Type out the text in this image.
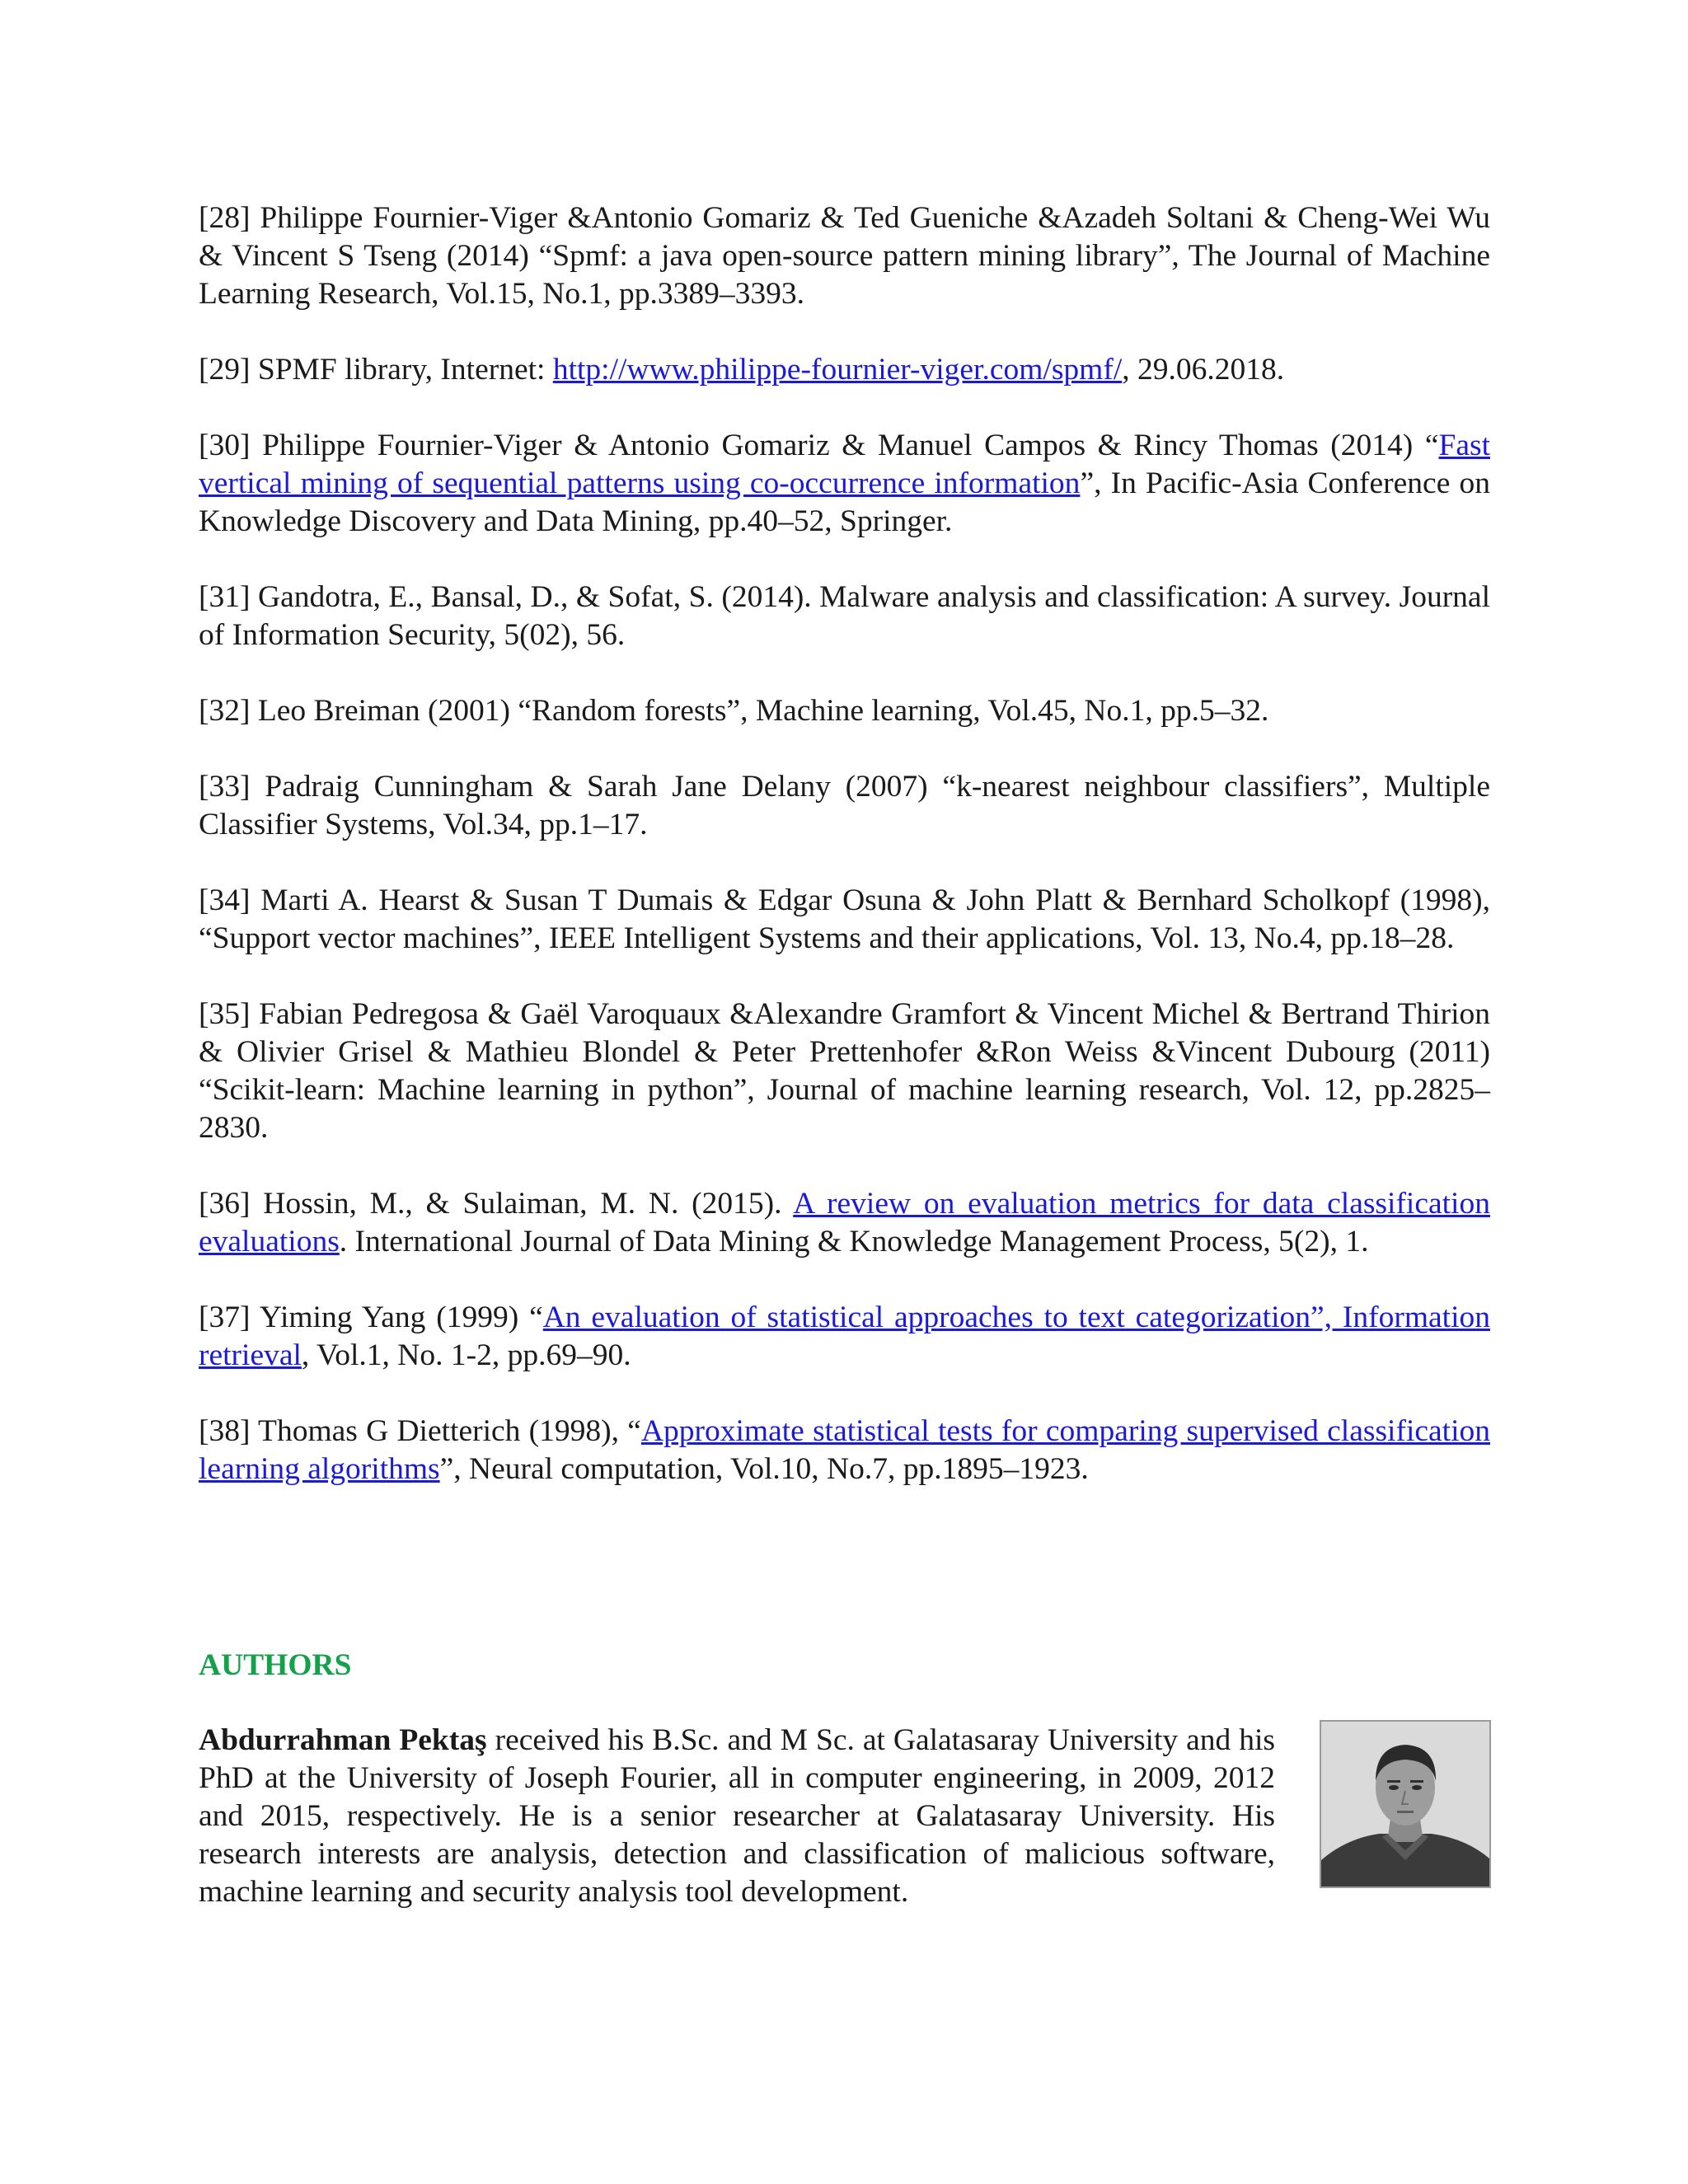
[28] Philippe Fournier-Viger &Antonio Gomariz & Ted Gueniche &Azadeh Soltani & Cheng-Wei Wu & Vincent S Tseng (2014) “Spmf: a java open-source pattern mining library”, The Journal of Machine Learning Research, Vol.15, No.1, pp.3389–3393.

[29] SPMF library, Internet: http://www.philippe-fournier-viger.com/spmf/, 29.06.2018.

[30] Philippe Fournier-Viger & Antonio Gomariz & Manuel Campos & Rincy Thomas (2014) “Fast vertical mining of sequential patterns using co-occurrence information”, In Pacific-Asia Conference on Knowledge Discovery and Data Mining, pp.40–52, Springer.

[31] Gandotra, E., Bansal, D., & Sofat, S. (2014). Malware analysis and classification: A survey. Journal of Information Security, 5(02), 56.

[32] Leo Breiman (2001) “Random forests”, Machine learning, Vol.45, No.1, pp.5–32.

[33] Padraig Cunningham & Sarah Jane Delany (2007) “k-nearest neighbour classifiers”, Multiple Classifier Systems, Vol.34, pp.1–17.

[34] Marti A. Hearst & Susan T Dumais & Edgar Osuna & John Platt & Bernhard Scholkopf (1998), “Support vector machines”, IEEE Intelligent Systems and their applications, Vol. 13, No.4, pp.18–28.

[35] Fabian Pedregosa & Gaël Varoquaux &Alexandre Gramfort & Vincent Michel & Bertrand Thirion & Olivier Grisel & Mathieu Blondel & Peter Prettenhofer &Ron Weiss &Vincent Dubourg (2011) “Scikit-learn: Machine learning in python”, Journal of machine learning research, Vol. 12, pp.2825–2830.

[36] Hossin, M., & Sulaiman, M. N. (2015). A review on evaluation metrics for data classification evaluations. International Journal of Data Mining & Knowledge Management Process, 5(2), 1.

[37] Yiming Yang (1999) “An evaluation of statistical approaches to text categorization”, Information retrieval, Vol.1, No. 1-2, pp.69–90.

[38] Thomas G Dietterich (1998), “Approximate statistical tests for comparing supervised classification learning algorithms”, Neural computation, Vol.10, No.7, pp.1895–1923.

AUTHORS

Abdurrahman Pektaş received his B.Sc. and M Sc. at Galatasaray University and his PhD at the University of Joseph Fourier, all in computer engineering, in 2009, 2012 and 2015, respectively. He is a senior researcher at Galatasaray University. His research interests are analysis, detection and classification of malicious software, machine learning and security analysis tool development.
